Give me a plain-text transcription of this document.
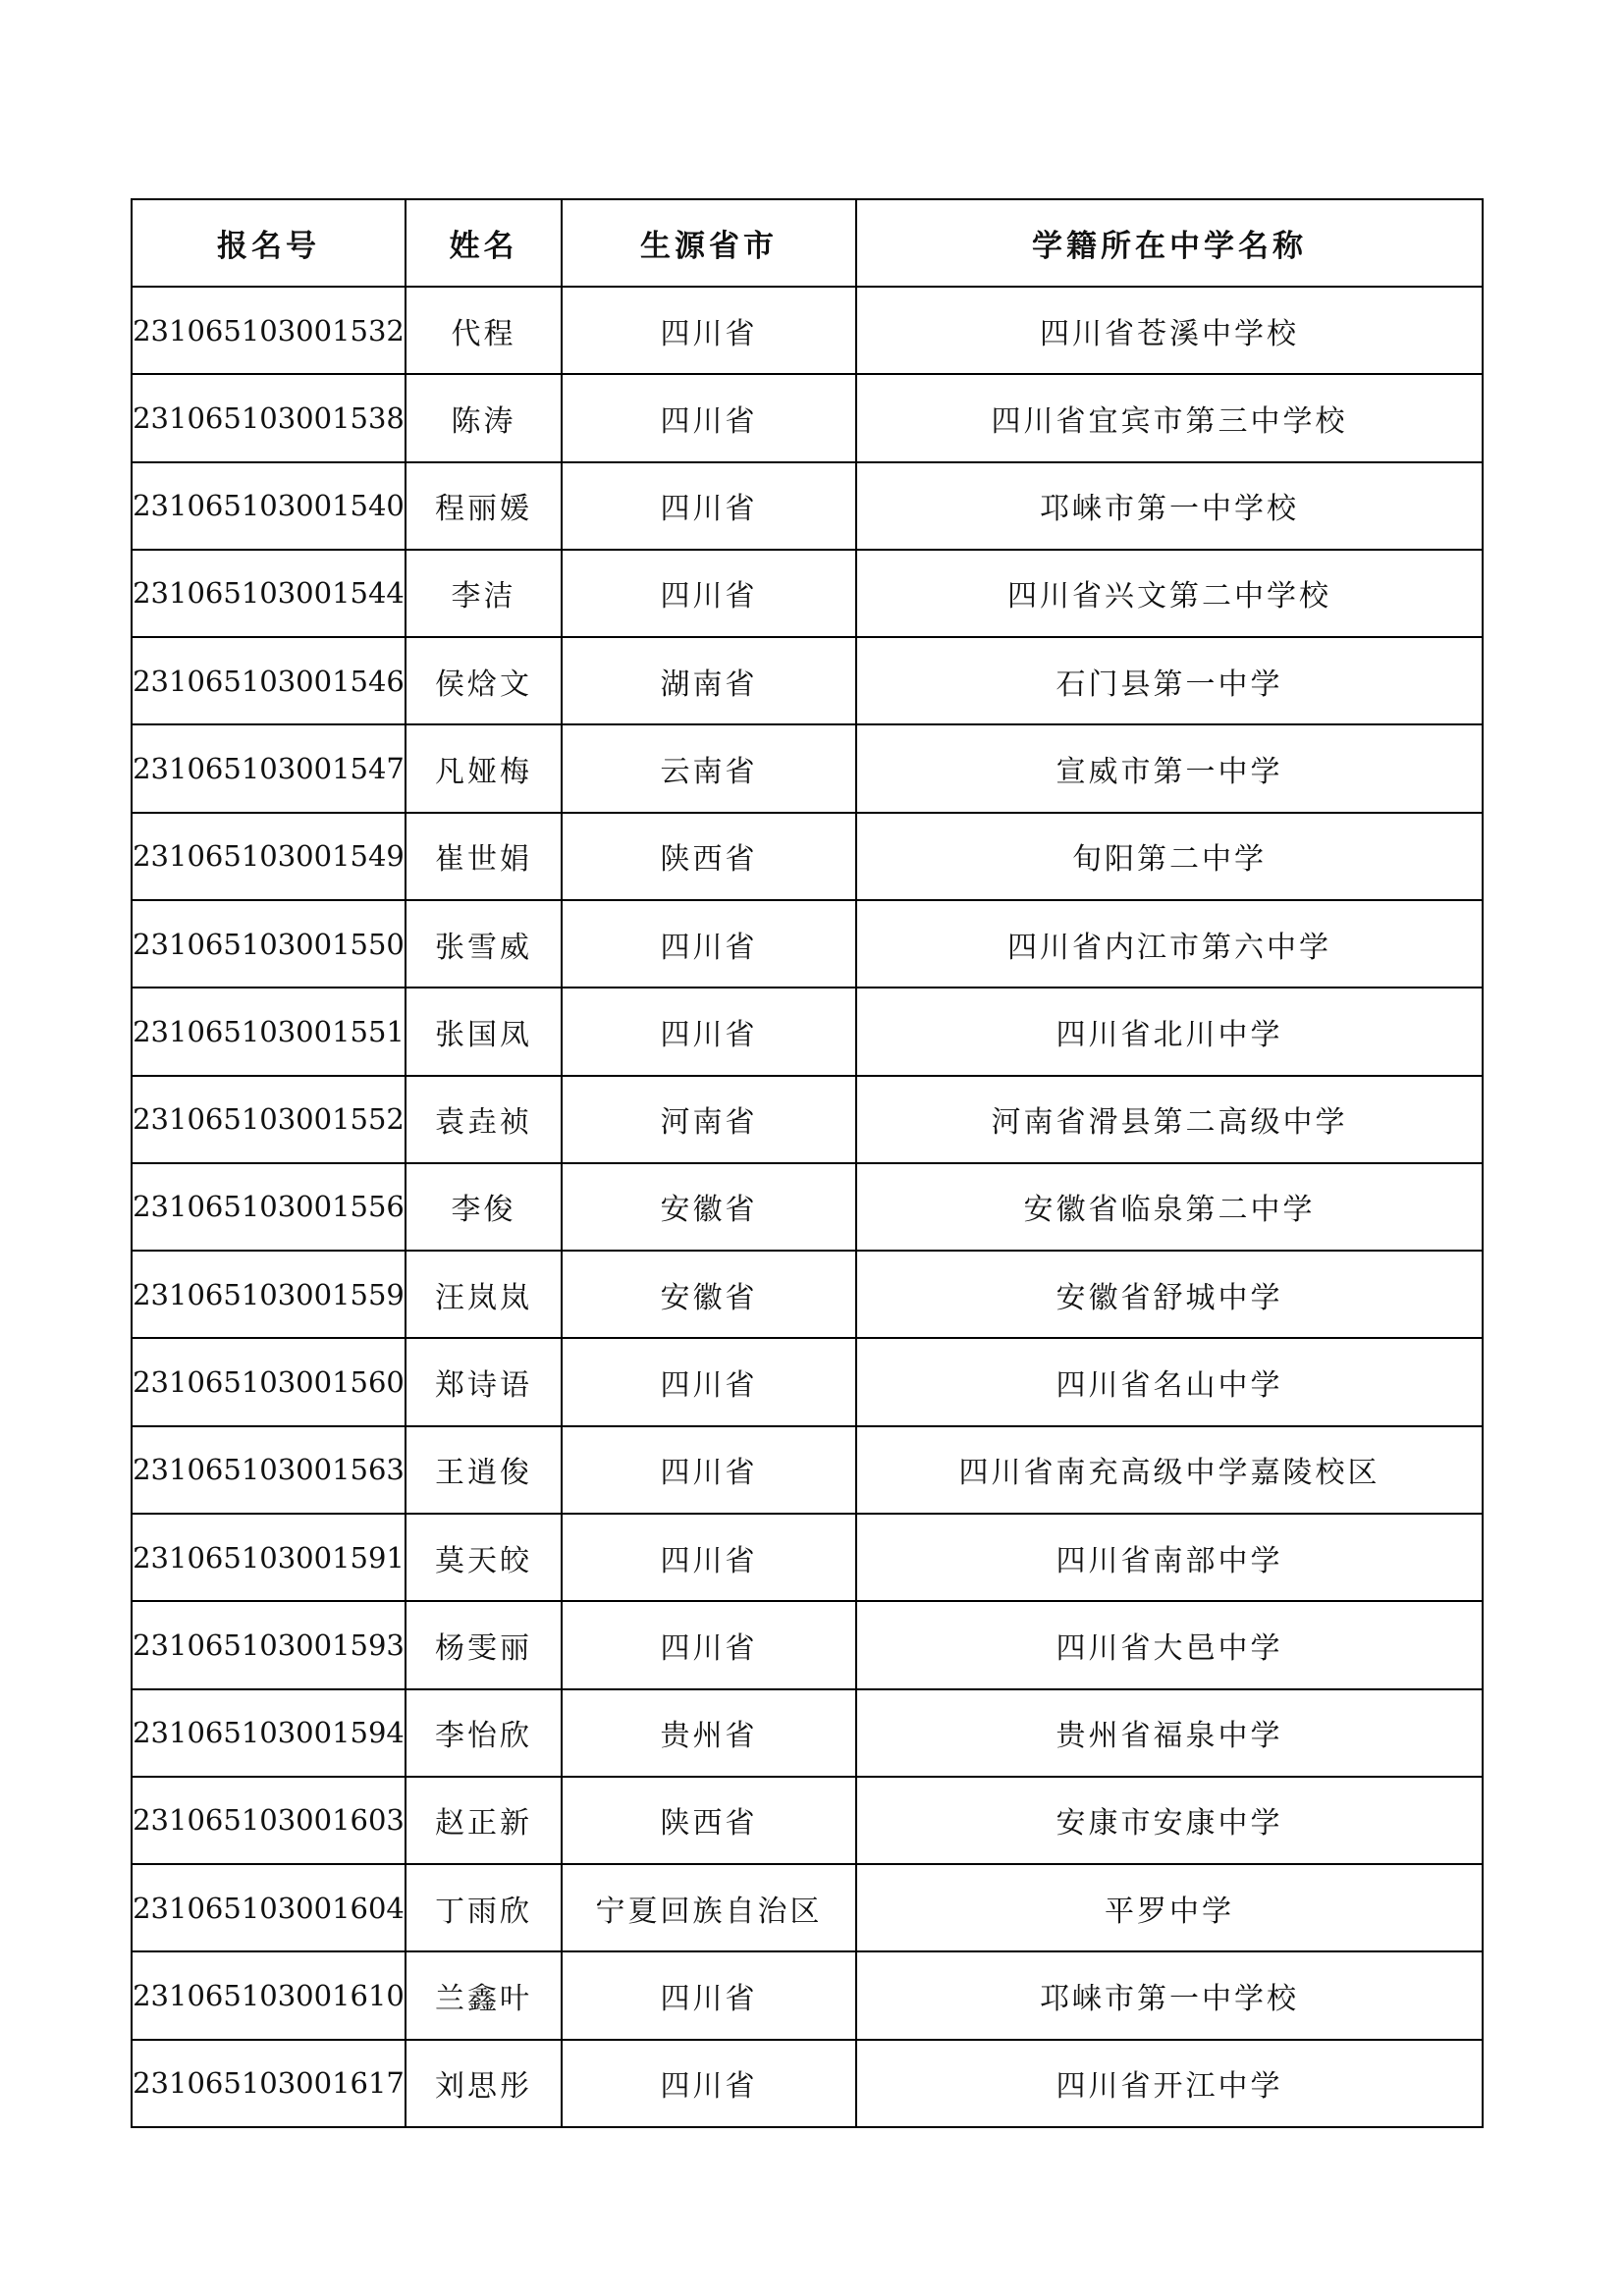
报名号	姓名	生源省市	学籍所在中学名称
231065103001532	代程	四川省	四川省苍溪中学校
231065103001538	陈涛	四川省	四川省宜宾市第三中学校
231065103001540	程丽媛	四川省	邛崃市第一中学校
231065103001544	李洁	四川省	四川省兴文第二中学校
231065103001546	侯焓文	湖南省	石门县第一中学
231065103001547	凡娅梅	云南省	宣威市第一中学
231065103001549	崔世娟	陕西省	旬阳第二中学
231065103001550	张雪威	四川省	四川省内江市第六中学
231065103001551	张国凤	四川省	四川省北川中学
231065103001552	袁垚祯	河南省	河南省滑县第二高级中学
231065103001556	李俊	安徽省	安徽省临泉第二中学
231065103001559	汪岚岚	安徽省	安徽省舒城中学
231065103001560	郑诗语	四川省	四川省名山中学
231065103001563	王逍俊	四川省	四川省南充高级中学嘉陵校区
231065103001591	莫天皎	四川省	四川省南部中学
231065103001593	杨雯丽	四川省	四川省大邑中学
231065103001594	李怡欣	贵州省	贵州省福泉中学
231065103001603	赵正新	陕西省	安康市安康中学
231065103001604	丁雨欣	宁夏回族自治区	平罗中学
231065103001610	兰鑫叶	四川省	邛崃市第一中学校
231065103001617	刘思彤	四川省	四川省开江中学
